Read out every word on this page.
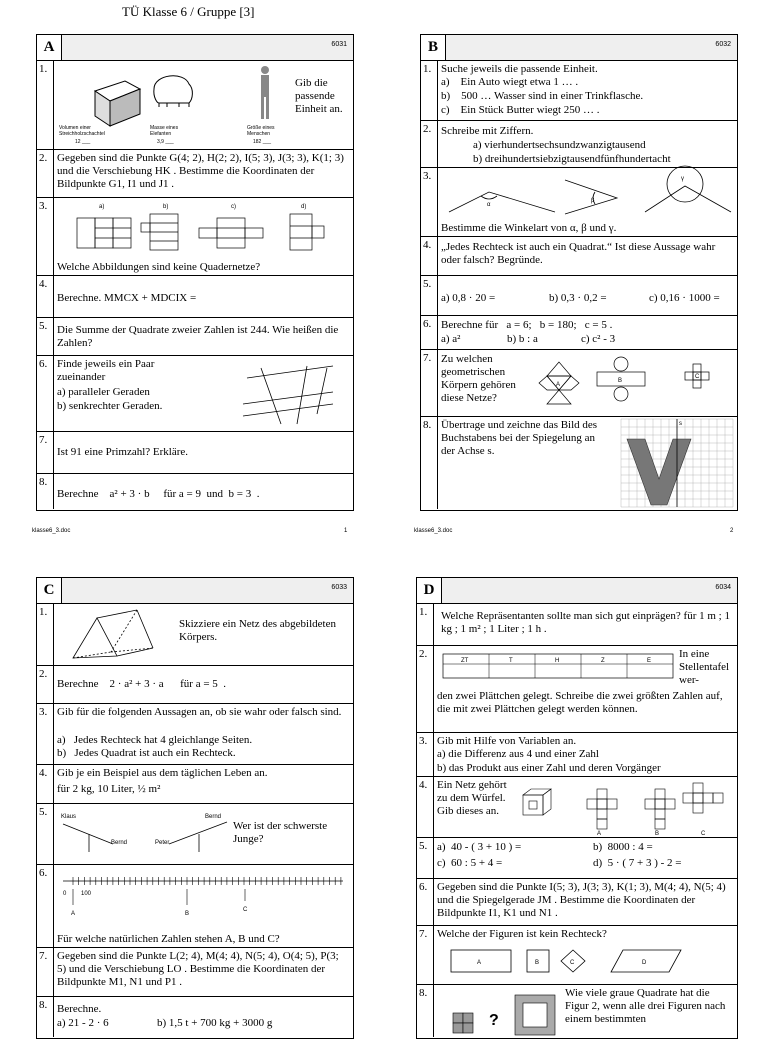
TÜ Klasse 6 / Gruppe [3]
A	6031
1.
Volumen einer Streichholzschachtel
Masse eines Elefanten
Größe eines Menschen
12 ___	3,9 ___	182 ___
Gib die passende Einheit an.
2. Gegeben sind die Punkte G(4; 2), H(2; 2), I(5; 3), J(3; 3), K(1; 3) und die Verschiebung HK . Bestimme die Koordinaten der Bildpunkte G1, I1 und J1 .
3.	a)	b)	c)	d)
Welche Abbildungen sind keine Quadernetze?
4.
Berechne. MMCX + MDCIX =
5. Die Summe der Quadrate zweier Zahlen ist 244. Wie heißen die Zahlen?
6. Finde jeweils ein Paar zueinander
a) paralleler Geraden
b) senkrechter Geraden.
7.
Ist 91 eine Primzahl? Erkläre.
8.
Berechne    a² + 3 · b     für a = 9  und  b = 3  .
B	6032
1. Suche jeweils die passende Einheit.
a)    Ein Auto wiegt etwa 1 … .
b)    500 … Wasser sind in einer Trinkflasche.
c)    Ein Stück Butter wiegt 250 … .
2. Schreibe mit Ziffern.
a) vierhundertsechsundzwanzigtausend
b) dreihundertsiebzigtausendfünfhundertacht
3.
α
β
γ
Bestimme die Winkelart von α, β und γ.
4. „Jedes Rechteck ist auch ein Quadrat.“ Ist diese Aussage wahr oder falsch? Begründe.
5.
a) 0,8 · 20 =	b) 0,3 · 0,2 =	c) 0,16 · 1000 =
6. Berechne für   a = 6;   b = 180;   c = 5 .
a) a²	b) b : a	c) c² - 3
7. Zu welchen geometrischen Körpern gehören diese Netze?
A
B
C
8. Übertrage und zeichne das Bild des Buchstabens bei der Spiegelung an der Achse s.
s
klasse6_3.doc	1	klasse6_3.doc	2
C	6033
1.
Skizziere ein Netz des abgebildeten Körpers.
2.
Berechne    2 · a² + 3 · a      für a = 5  .
3. Gib für die folgenden Aussagen an, ob sie wahr oder falsch sind.
a)   Jedes Rechteck hat 4 gleichlange Seiten.
b)   Jedes Quadrat ist auch ein Rechteck.
4. Gib je ein Beispiel aus dem täglichen Leben an.
für 2 kg, 10 Liter, ½ m²
5.	Klaus
Bernd	Peter
Bernd
Wer ist der schwerste Junge?
6.
0 100
A	B
C
Für welche natürlichen Zahlen stehen A, B und C?
7. Gegeben sind die Punkte L(2; 4), M(4; 4), N(5; 4), O(4; 5), P(3; 5) und die Verschiebung LO . Bestimme die Koordinaten der Bildpunkte M1, N1 und P1 .
8. Berechne.
a) 21 - 2 · 6	b) 1,5 t + 700 kg + 3000 g
D	6034
1.	Welche Repräsentanten sollte man sich gut einprägen? für 1 m ; 1 kg ; 1 m² ; 1 Liter ; 1 h .
2.
ZT	T	H	Z	E
In eine Stellentafel wer-
den zwei Plättchen gelegt. Schreibe die zwei größten Zahlen auf, die mit zwei Plättchen gelegt werden können.
3. Gib mit Hilfe von Variablen an.
a) die Differenz aus 4 und einer Zahl
b) das Produkt aus einer Zahl und deren Vorgänger
4. Ein Netz gehört zu dem Würfel. Gib dieses an.
A	B	C
5. a)  40 - ( 3 + 10 ) =	b)  8000 : 4 =
c)  60 : 5 + 4 =	d)  5 · ( 7 + 3 ) - 2 =
6. Gegeben sind die Punkte I(5; 3), J(3; 3), K(1; 3), M(4; 4), N(5; 4) und die Spiegelgerade JM . Bestimme die Koordinaten der Bildpunkte I1, K1 und N1 .
7. Welche der Figuren ist kein Rechteck?
A	B	C	D
8.
?
Wie viele graue Quadrate hat die Figur 2, wenn alle drei Figuren nach einem bestimmten
